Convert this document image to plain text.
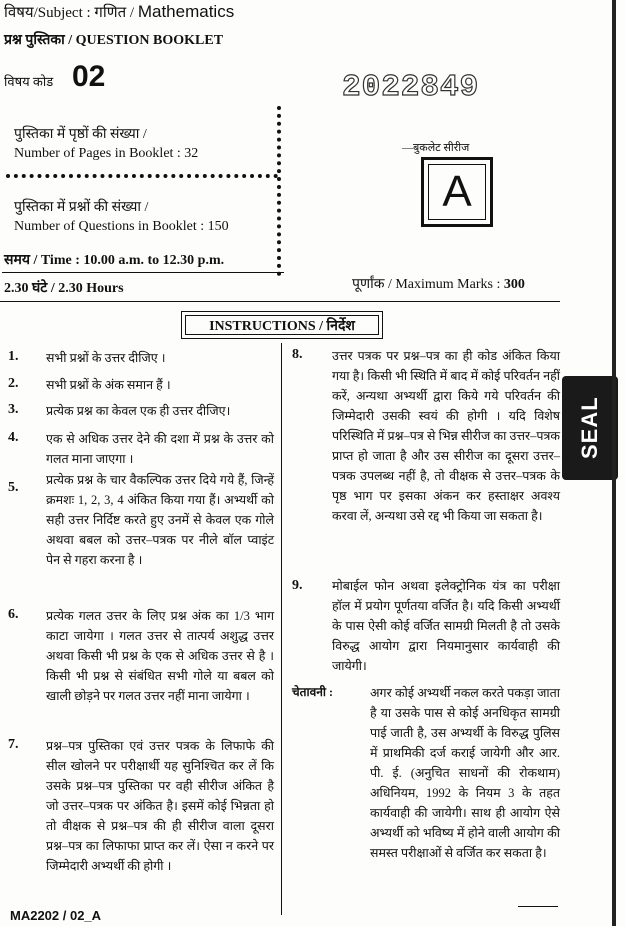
विषय/Subject : गणित / Mathematics
प्रश्न पुस्तिका / QUESTION BOOKLET
विषय कोड 02	2022849
—बुकलेट सीरीज
A
पुस्तिका में पृष्ठों की संख्या /
Number of Pages in Booklet : 32
पुस्तिका में प्रश्नों की संख्या /
Number of Questions in Booklet : 150
समय / Time : 10.00 a.m. to 12.30 p.m.
2.30 घंटे / 2.30 Hours	पूर्णांक / Maximum Marks : 300
INSTRUCTIONS / निर्देश
1. सभी प्रश्नों के उत्तर दीजिए ।
2. सभी प्रश्नों के अंक समान हैं ।
3. प्रत्येक प्रश्न का केवल एक ही उत्तर दीजिए।
4. एक से अधिक उत्तर देने की दशा में प्रश्न के उत्तर को गलत माना जाएगा ।
5. प्रत्येक प्रश्न के चार वैकल्पिक उत्तर दिये गये हैं, जिन्हें क्रमशः 1, 2, 3, 4 अंकित किया गया हैं। अभ्यर्थी को सही उत्तर निर्दिष्ट करते हुए उनमें से केवल एक गोले अथवा बबल को उत्तर–पत्रक पर नीले बॉल प्वाइंट पेन से गहरा करना है ।
6. प्रत्येक गलत उत्तर के लिए प्रश्न अंक का 1/3 भाग काटा जायेगा । गलत उत्तर से तात्पर्य अशुद्ध उत्तर अथवा किसी भी प्रश्न के एक से अधिक उत्तर से है । किसी भी प्रश्न से संबंधित सभी गोले या बबल को खाली छोड़ने पर गलत उत्तर नहीं माना जायेगा ।
7. प्रश्न–पत्र पुस्तिका एवं उत्तर पत्रक के लिफाफे की सील खोलने पर परीक्षार्थी यह सुनिश्चित कर लें कि उसके प्रश्न–पत्र पुस्तिका पर वही सीरीज अंकित है जो उत्तर–पत्रक पर अंकित है। इसमें कोई भिन्नता हो तो वीक्षक से प्रश्न–पत्र की ही सीरीज वाला दूसरा प्रश्न–पत्र का लिफाफा प्राप्त कर लें। ऐसा न करने पर जिम्मेदारी अभ्यर्थी की होगी ।
8. उत्तर पत्रक पर प्रश्न–पत्र का ही कोड अंकित किया गया है। किसी भी स्थिति में बाद में कोई परिवर्तन नहीं करें, अन्यथा अभ्यर्थी द्वारा किये गये परिवर्तन की जिम्मेदारी उसकी स्वयं की होगी । यदि विशेष परिस्थिति में प्रश्न–पत्र से भिन्न सीरीज का उत्तर–पत्रक प्राप्त हो जाता है और उस सीरीज का दूसरा उत्तर–पत्रक उपलब्ध नहीं है, तो वीक्षक से उत्तर–पत्रक के पृष्ठ भाग पर इसका अंकन कर हस्ताक्षर अवश्य करवा लें, अन्यथा उसे रद्द भी किया जा सकता है।
9. मोबाईल फोन अथवा इलेक्ट्रोनिक यंत्र का परीक्षा हॉल में प्रयोग पूर्णतया वर्जित है। यदि किसी अभ्यर्थी के पास ऐसी कोई वर्जित सामग्री मिलती है तो उसके विरुद्ध आयोग द्वारा नियमानुसार कार्यवाही की जायेगी।
चेतावनी :	अगर कोई अभ्यर्थी नकल करते पकड़ा जाता है या उसके पास से कोई अनधिकृत सामग्री पाई जाती है, उस अभ्यर्थी के विरुद्ध पुलिस में प्राथमिकी दर्ज कराई जायेगी और आर. पी. ई. (अनुचित साधनों की रोकथाम) अधिनियम, 1992 के नियम 3 के तहत कार्यवाही की जायेगी। साथ ही आयोग ऐसे अभ्यर्थी को भविष्य में होने वाली आयोग की समस्त परीक्षाओं से वर्जित कर सकता है।
SEAL
MA2202 / 02_A
